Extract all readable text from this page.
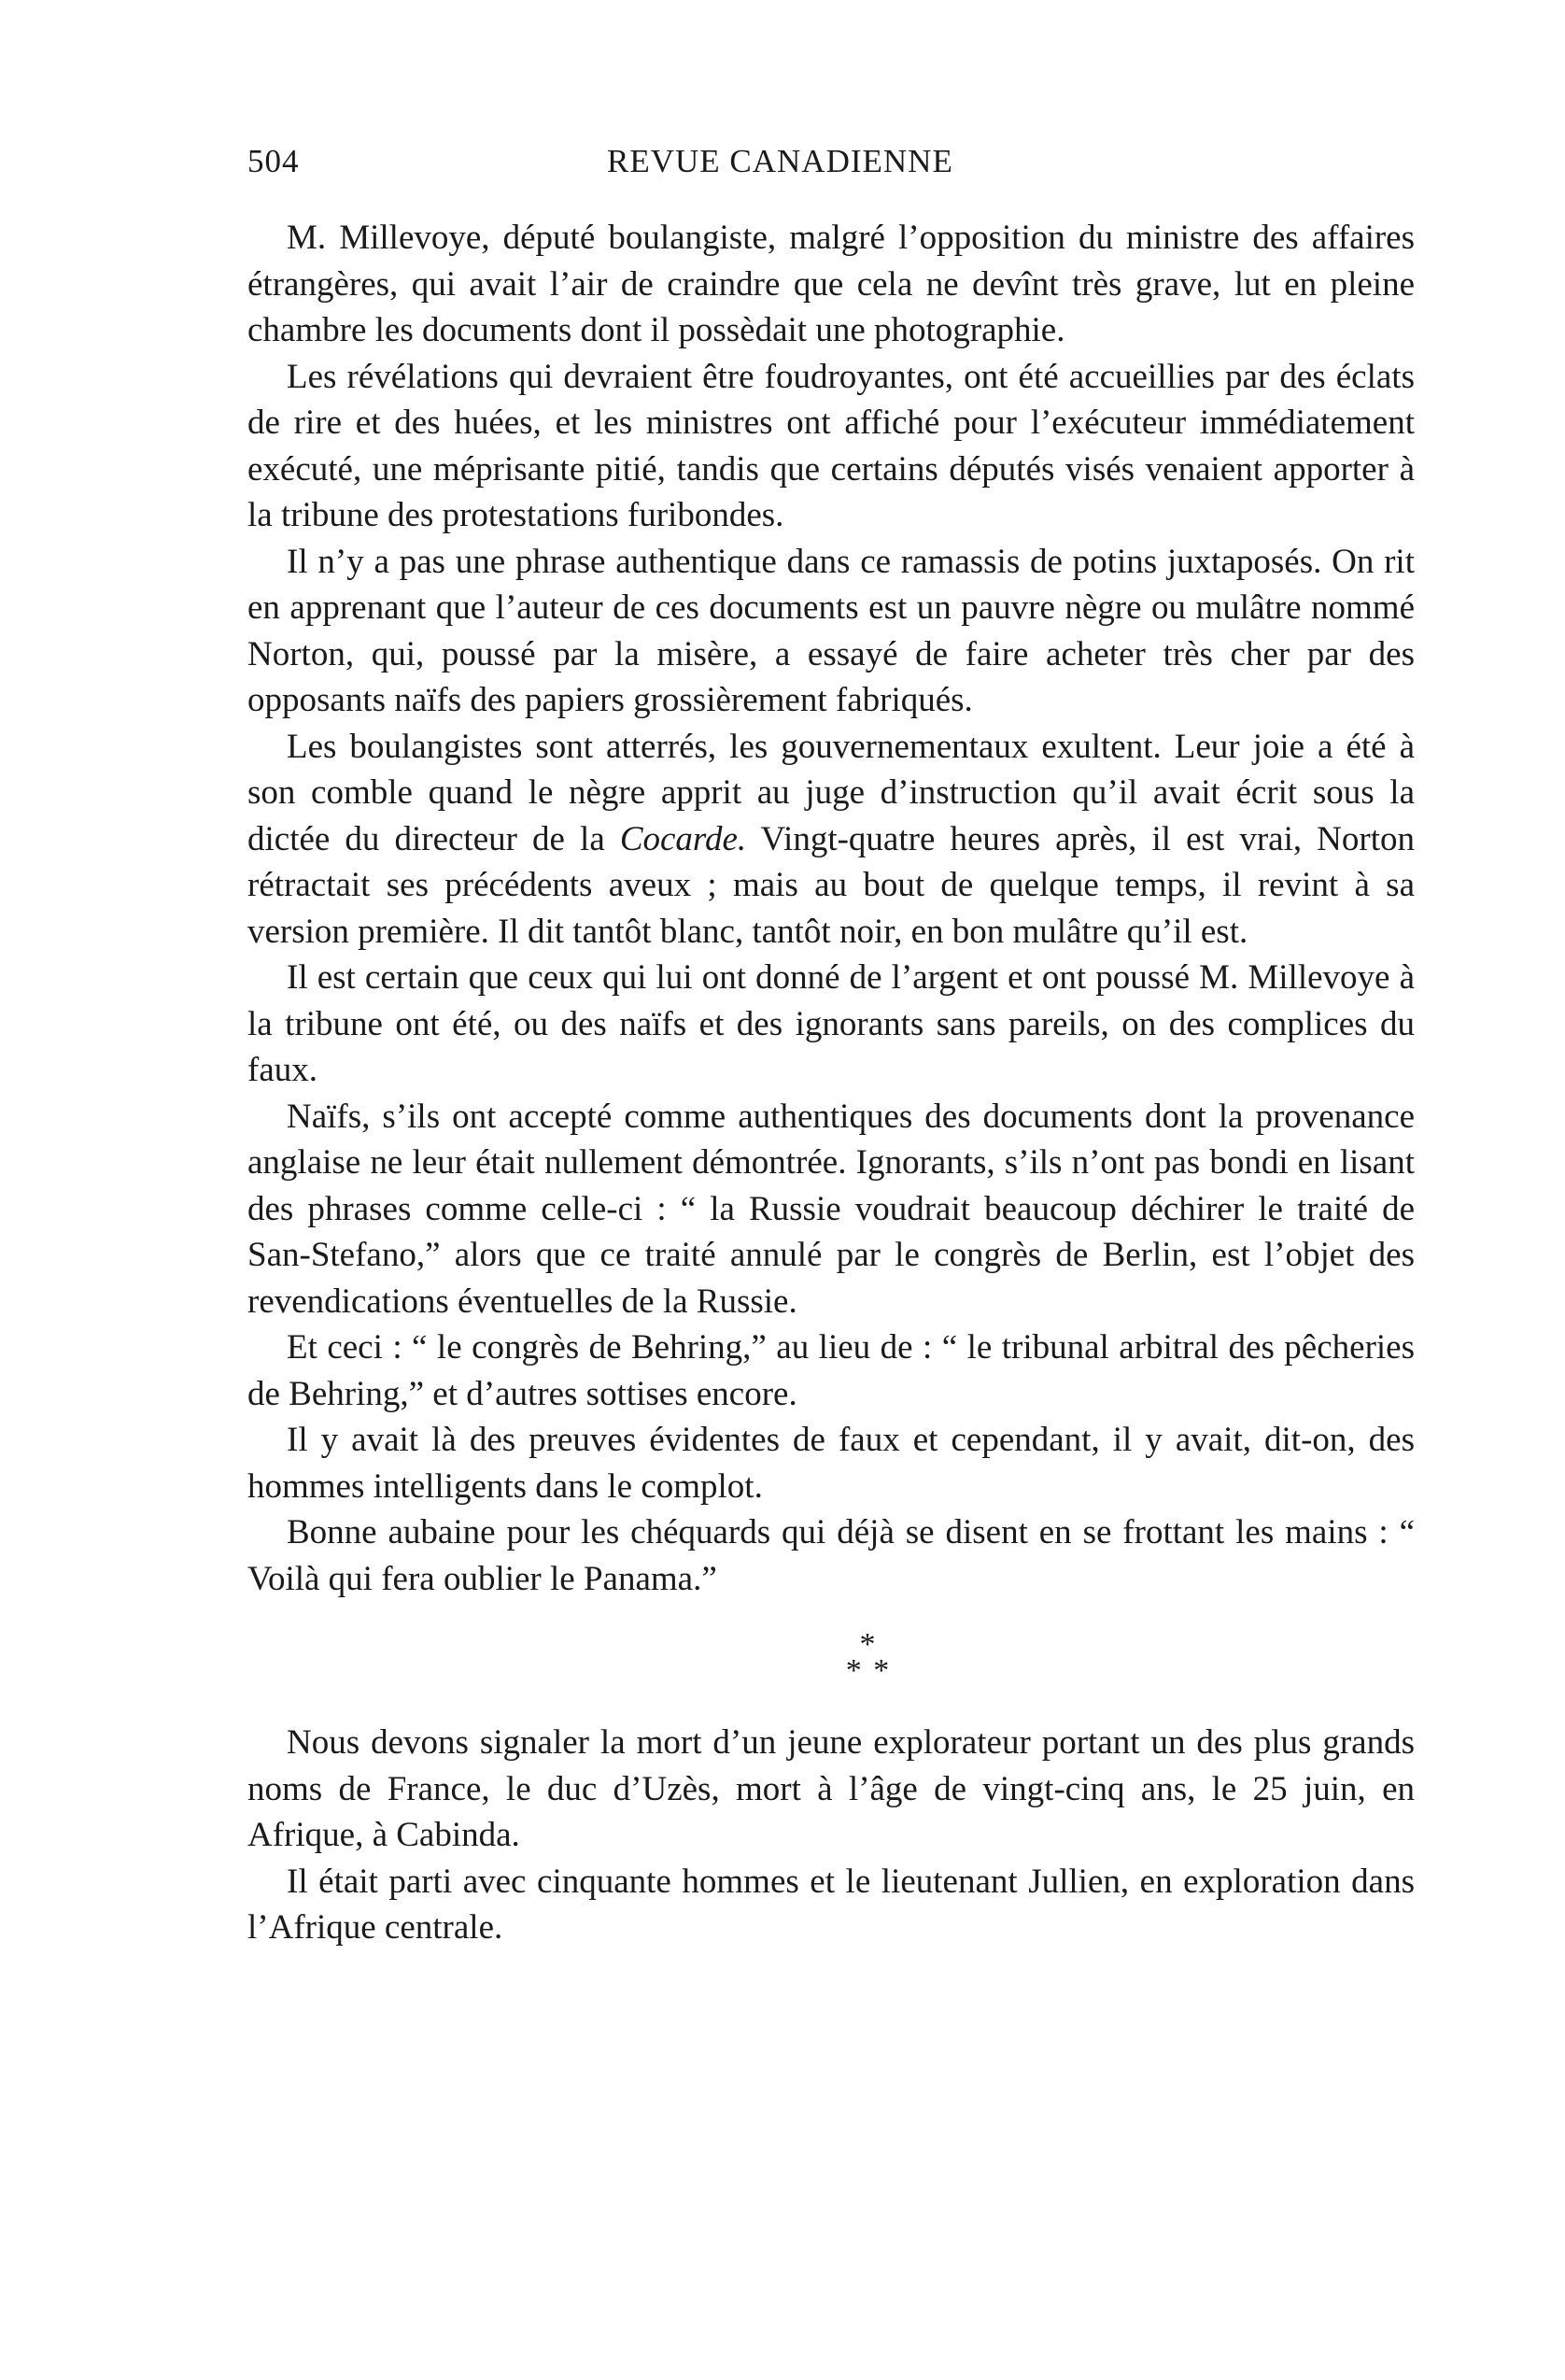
504	REVUE CANADIENNE

M. Millevoye, député boulangiste, malgré l’opposition du ministre des affaires étrangères, qui avait l’air de craindre que cela ne devînt très grave, lut en pleine chambre les documents dont il possèdait une photographie.

Les révélations qui devraient être foudroyantes, ont été accueillies par des éclats de rire et des huées, et les ministres ont affiché pour l’exécuteur immédiatement exécuté, une méprisante pitié, tandis que certains députés visés venaient apporter à la tribune des protestations furibondes.

Il n’y a pas une phrase authentique dans ce ramassis de potins juxtaposés. On rit en apprenant que l’auteur de ces documents est un pauvre nègre ou mulâtre nommé Norton, qui, poussé par la misère, a essayé de faire acheter très cher par des opposants naïfs des papiers grossièrement fabriqués.

Les boulangistes sont atterrés, les gouvernementaux exultent. Leur joie a été à son comble quand le nègre apprit au juge d’instruction qu’il avait écrit sous la dictée du directeur de la Cocarde. Vingt-quatre heures après, il est vrai, Norton rétractait ses précédents aveux ; mais au bout de quelque temps, il revint à sa version première. Il dit tantôt blanc, tantôt noir, en bon mulâtre qu’il est.

Il est certain que ceux qui lui ont donné de l’argent et ont poussé M. Millevoye à la tribune ont été, ou des naïfs et des ignorants sans pareils, on des complices du faux.

Naïfs, s’ils ont accepté comme authentiques des documents dont la provenance anglaise ne leur était nullement démontrée. Ignorants, s’ils n’ont pas bondi en lisant des phrases comme celle-ci : “ la Russie voudrait beaucoup déchirer le traité de San-Stefano,” alors que ce traité annulé par le congrès de Berlin, est l’objet des revendications éventuelles de la Russie.

Et ceci : “ le congrès de Behring,” au lieu de : “ le tribunal arbitral des pêcheries de Behring,” et d’autres sottises encore.

Il y avait là des preuves évidentes de faux et cependant, il y avait, dit-on, des hommes intelligents dans le complot.

Bonne aubaine pour les chéquards qui déjà se disent en se frottant les mains : “ Voilà qui fera oublier le Panama.”

*
* *

Nous devons signaler la mort d’un jeune explorateur portant un des plus grands noms de France, le duc d’Uzès, mort à l’âge de vingt-cinq ans, le 25 juin, en Afrique, à Cabinda.

Il était parti avec cinquante hommes et le lieutenant Jullien, en exploration dans l’Afrique centrale.
